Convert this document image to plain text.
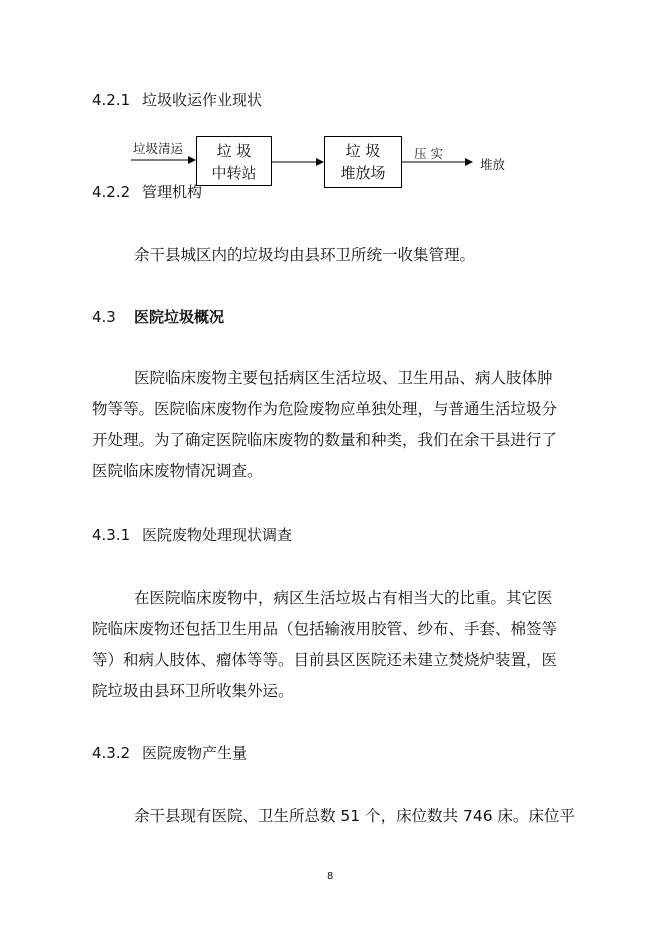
4.2.1 垃圾收运作业现状
垃圾清运	垃 圾
中转站
垃 圾
堆放场
压 实
堆放
4.2.2 管理机构
余干县城区内的垃圾均由县环卫所统一收集管理。
4.3 医院垃圾概况
医院临床废物主要包括病区生活垃圾、卫生用品、病人肢体肿
物等等。医院临床废物作为危险废物应单独处理，与普通生活垃圾分
开处理。为了确定医院临床废物的数量和种类，我们在余干县进行了
医院临床废物情况调查。
4.3.1 医院废物处理现状调查
在医院临床废物中，病区生活垃圾占有相当大的比重。其它医
院临床废物还包括卫生用品（包括输液用胶管、纱布、手套、棉签等
等）和病人肢体、瘤体等等。目前县区医院还未建立焚烧炉装置，医
院垃圾由县环卫所收集外运。
4.3.2 医院废物产生量
余干县现有医院、卫生所总数 51 个，床位数共 746 床。床位平
8
